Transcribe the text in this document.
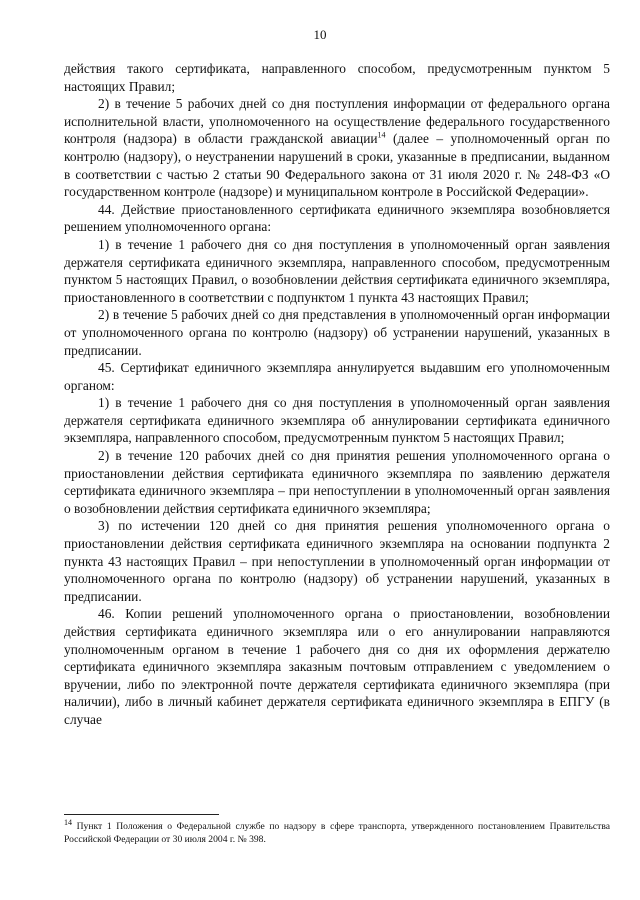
10

действия такого сертификата, направленного способом, предусмотренным пунктом 5 настоящих Правил;

2) в течение 5 рабочих дней со дня поступления информации от федерального органа исполнительной власти, уполномоченного на осуществление федерального государственного контроля (надзора) в области гражданской авиации$^{14}$ (далее – уполномоченный орган по контролю (надзору), о неустранении нарушений в сроки, указанные в предписании, выданном в соответствии с частью 2 статьи 90 Федерального закона от 31 июля 2020 г. № 248-ФЗ «О государственном контроле (надзоре) и муниципальном контроле в Российской Федерации».

44. Действие приостановленного сертификата единичного экземпляра возобновляется решением уполномоченного органа:

1) в течение 1 рабочего дня со дня поступления в уполномоченный орган заявления держателя сертификата единичного экземпляра, направленного способом, предусмотренным пунктом 5 настоящих Правил, о возобновлении действия сертификата единичного экземпляра, приостановленного в соответствии с подпунктом 1 пункта 43 настоящих Правил;

2) в течение 5 рабочих дней со дня представления в уполномоченный орган информации от уполномоченного органа по контролю (надзору) об устранении нарушений, указанных в предписании.

45. Сертификат единичного экземпляра аннулируется выдавшим его уполномоченным органом:

1) в течение 1 рабочего дня со дня поступления в уполномоченный орган заявления держателя сертификата единичного экземпляра об аннулировании сертификата единичного экземпляра, направленного способом, предусмотренным пунктом 5 настоящих Правил;

2) в течение 120 рабочих дней со дня принятия решения уполномоченного органа о приостановлении действия сертификата единичного экземпляра по заявлению держателя сертификата единичного экземпляра – при непоступлении в уполномоченный орган заявления о возобновлении действия сертификата единичного экземпляра;

3) по истечении 120 дней со дня принятия решения уполномоченного органа о приостановлении действия сертификата единичного экземпляра на основании подпункта 2 пункта 43 настоящих Правил – при непоступлении в уполномоченный орган информации от уполномоченного органа по контролю (надзору) об устранении нарушений, указанных в предписании.

46. Копии решений уполномоченного органа о приостановлении, возобновлении действия сертификата единичного экземпляра или о его аннулировании направляются уполномоченным органом в течение 1 рабочего дня со дня их оформления держателю сертификата единичного экземпляра заказным почтовым отправлением с уведомлением о вручении, либо по электронной почте держателя сертификата единичного экземпляра (при наличии), либо в личный кабинет держателя сертификата единичного экземпляра в ЕПГУ (в случае

$^{14}$ Пункт 1 Положения о Федеральной службе по надзору в сфере транспорта, утвержденного постановлением Правительства Российской Федерации от 30 июля 2004 г. № 398.
